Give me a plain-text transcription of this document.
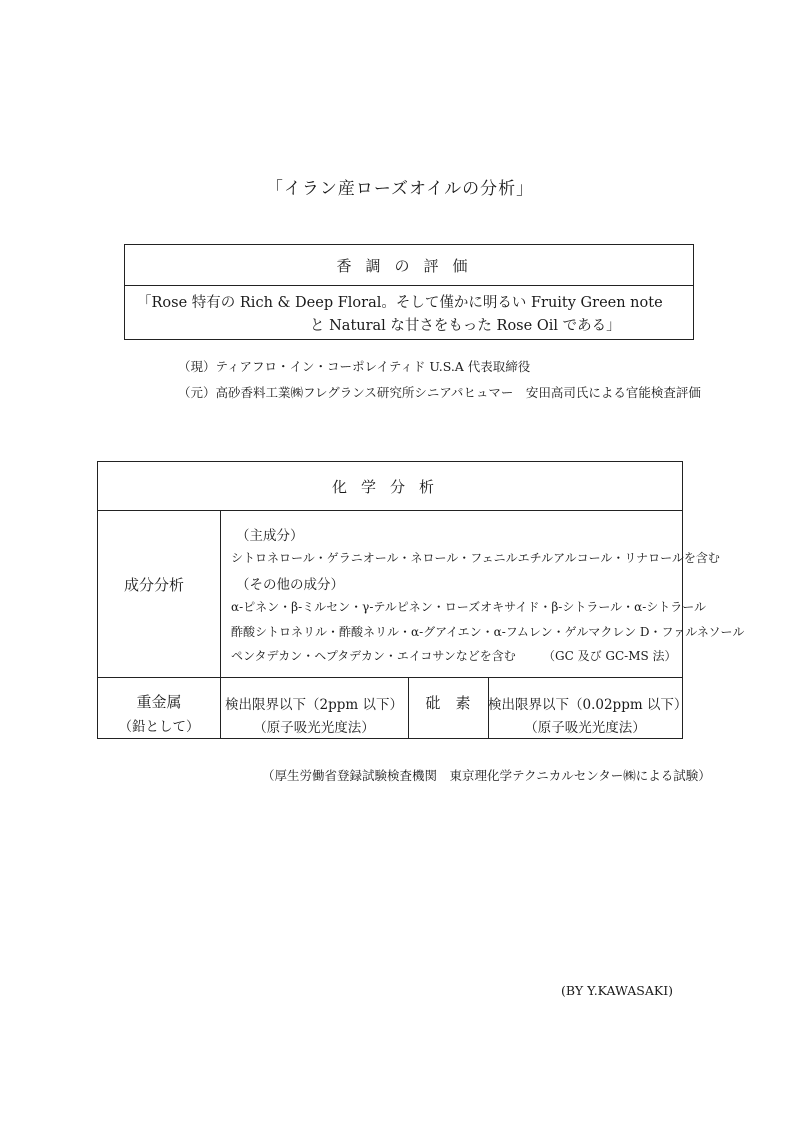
「イラン産ローズオイルの分析」
香調の評価
「Rose 特有の Rich & Deep Floral。そして僅かに明るい Fruity Green note
と Natural な甘さをもった Rose Oil である」
（現）ティアフロ・イン・コーポレイティド U.S.A 代表取締役
（元）高砂香料工業㈱フレグランス研究所シニアパヒュマー　安田高司氏による官能検査評価
化学分析
成分分析
（主成分）
シトロネロール・ゲラニオール・ネロール・フェニルエチルアルコール・リナロールを含む
（その他の成分）
α-ピネン・β-ミルセン・γ-テルピネン・ローズオキサイド・β-シトラール・α-シトラール
酢酸シトロネリル・酢酸ネリル・α-グアイエン・α-フムレン・ゲルマクレン D・ファルネソール
ペンタデカン・ヘプタデカン・エイコサンなどを含む （GC 及び GC-MS 法）
重金属
（鉛として）
検出限界以下（2ppm 以下）
（原子吸光光度法）
砒　素	検出限界以下（0.02ppm 以下）
（原子吸光光度法）
（厚生労働省登録試験検査機関　東京理化学テクニカルセンター㈱による試験）
(BY Y.KAWASAKI)
